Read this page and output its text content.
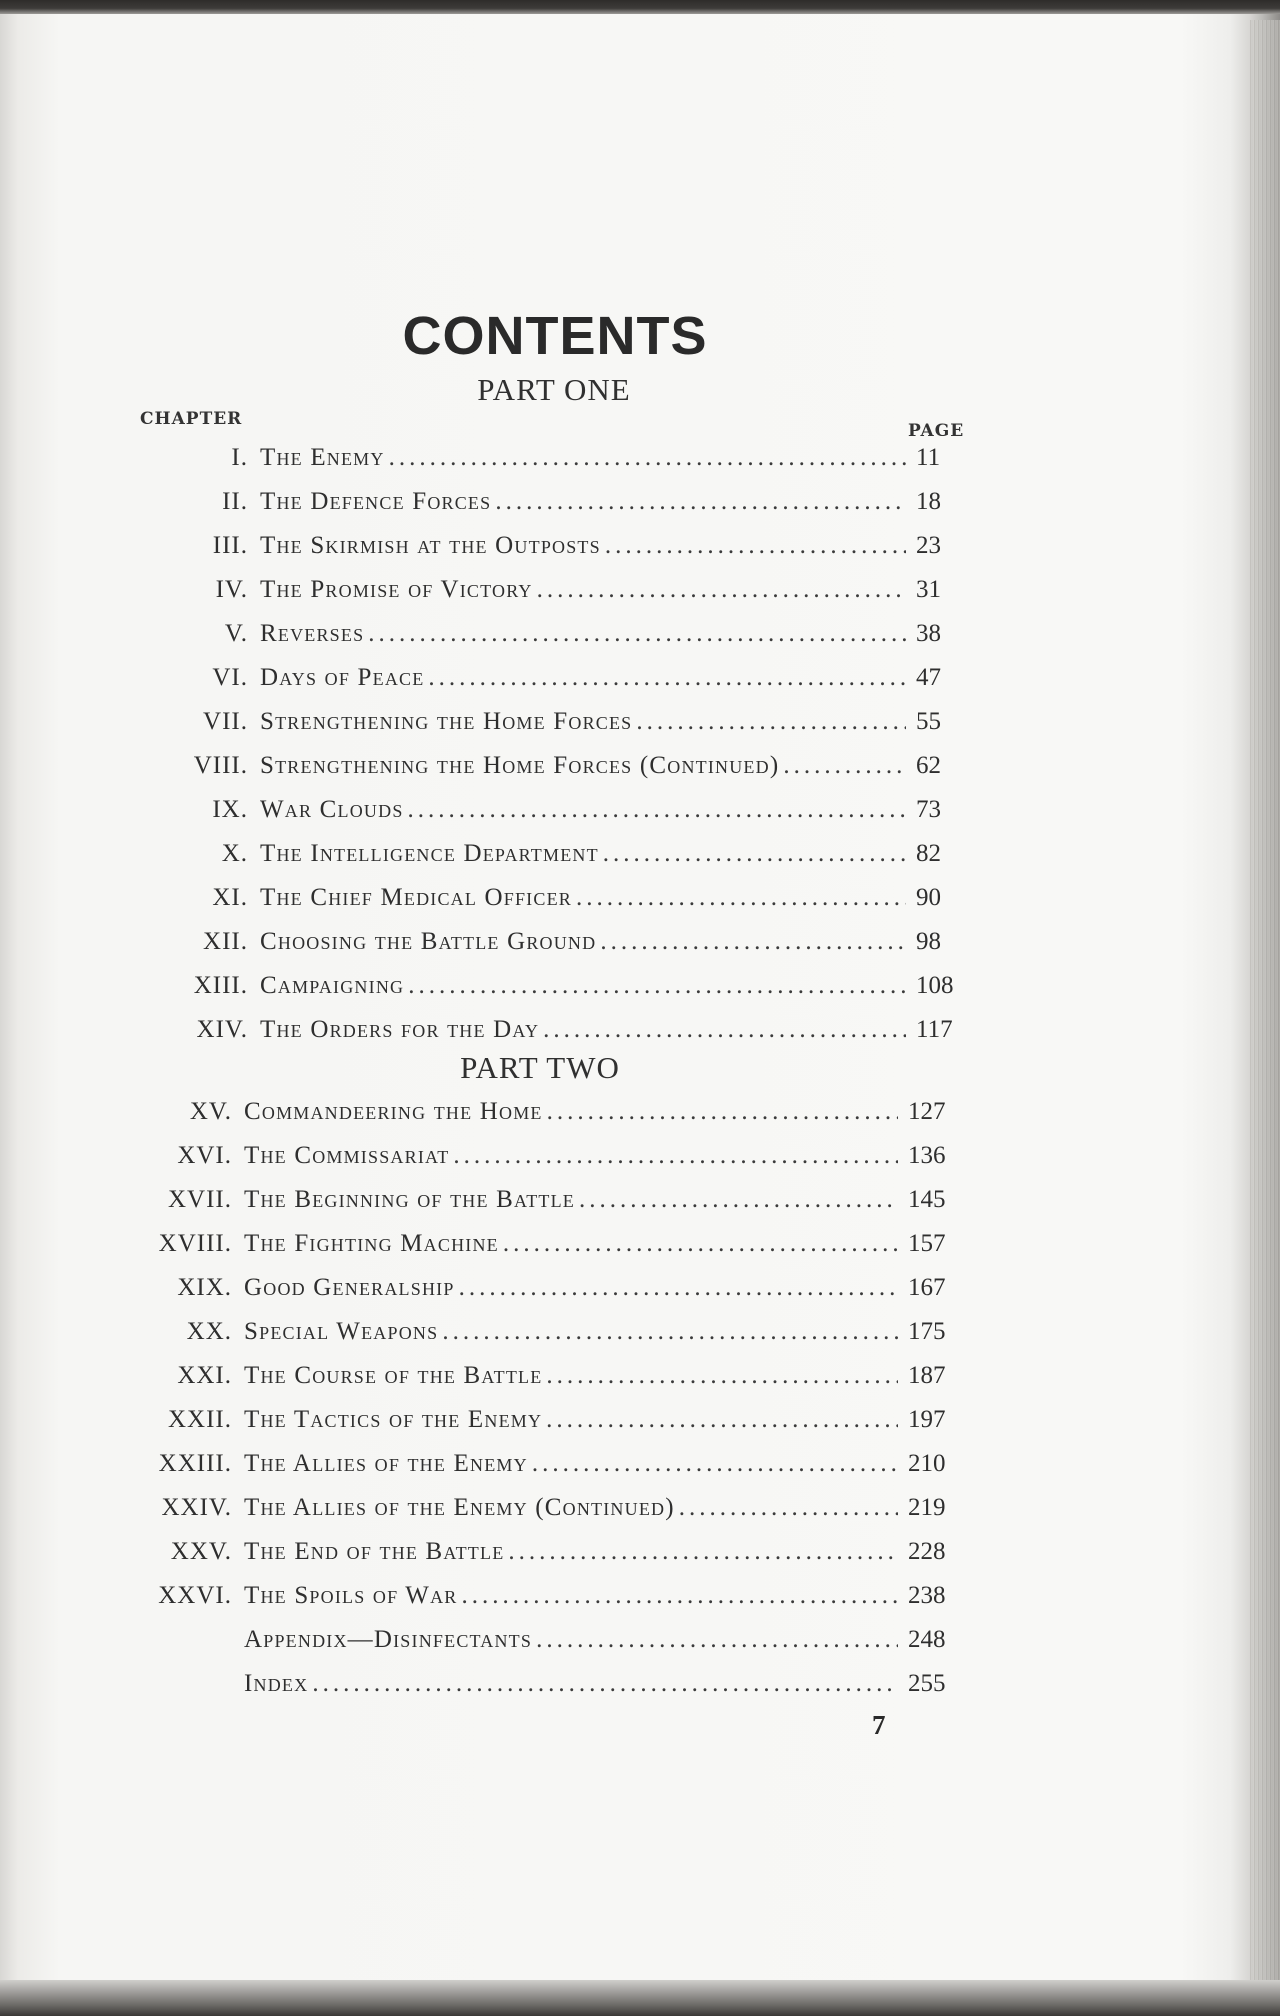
CONTENTS
PART ONE
CHAPTER
PAGE
PART TWO
I. The Enemy .....	11
II. The Defence Forces .....	18
III. The Skirmish at the Outposts .....	23
IV. The Promise of Victory .....	31
V. Reverses .....	38
VI. Days of Peace .....	47
VII. Strengthening the Home Forces .....	55
VIII. Strengthening the Home Forces (Continued) .....	62
IX. War Clouds .....	73
X. The Intelligence Department .....	82
XI. The Chief Medical Officer .....	90
XII. Choosing the Battle Ground .....	98
XIII. Campaigning .....	108
XIV. The Orders for the Day .....	117
XV. Commandeering the Home .....	127
XVI. The Commissariat .....	136
XVII. The Beginning of the Battle .....	145
XVIII. The Fighting Machine .....	157
XIX. Good Generalship .....	167
XX. Special Weapons .....	175
XXI. The Course of the Battle .....	187
XXII. The Tactics of the Enemy .....	197
XXIII. The Allies of the Enemy .....	210
XXIV. The Allies of the Enemy (Continued) .....	219
XXV. The End of the Battle .....	228
XXVI. The Spoils of War .....	238
Appendix—Disinfectants .....	248
Index .....	255
7
